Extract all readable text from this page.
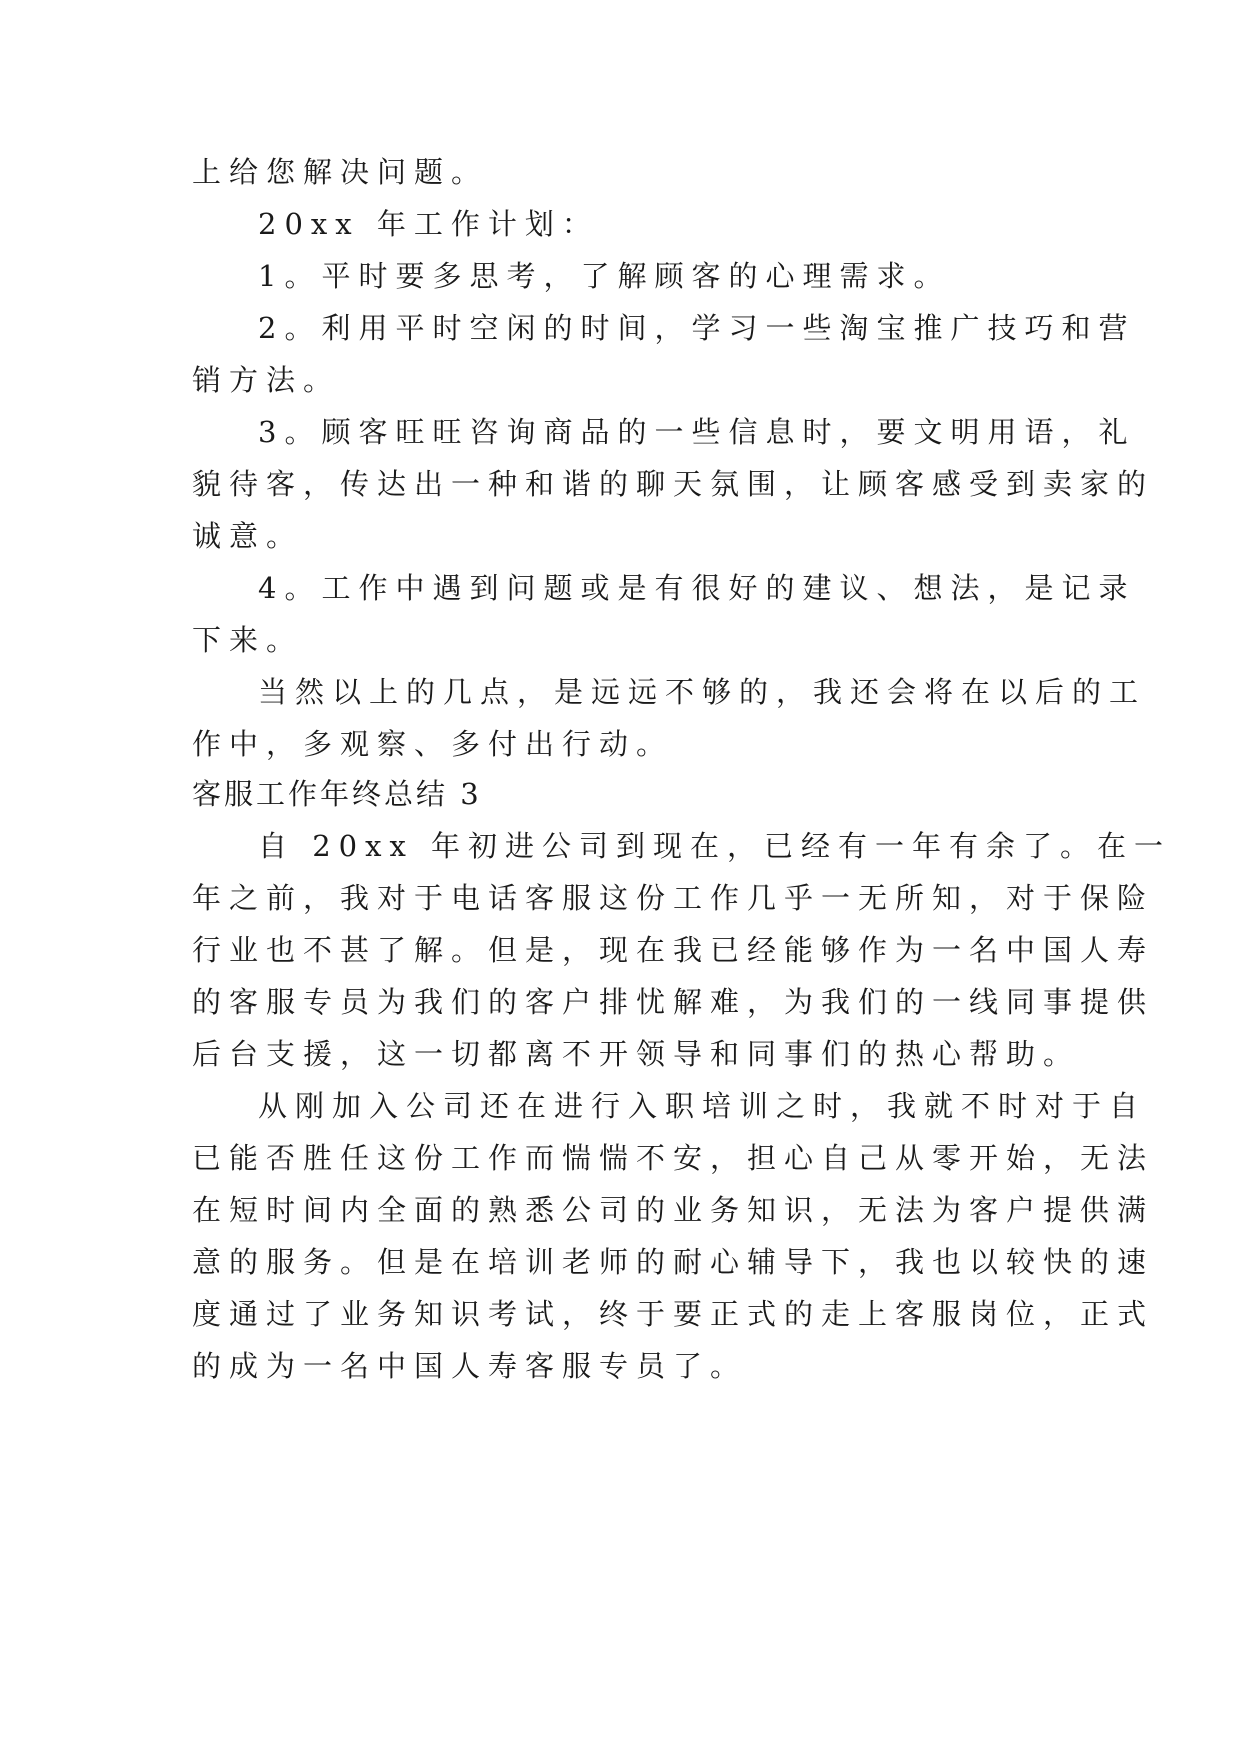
上给您解决问题。
20xx 年工作计划：
1。平时要多思考，了解顾客的心理需求。
2。利用平时空闲的时间，学习一些淘宝推广技巧和营
销方法。
3。顾客旺旺咨询商品的一些信息时，要文明用语，礼
貌待客，传达出一种和谐的聊天氛围，让顾客感受到卖家的
诚意。
4。工作中遇到问题或是有很好的建议、想法，是记录
下来。
当然以上的几点，是远远不够的，我还会将在以后的工
作中，多观察、多付出行动。
客服工作年终总结 3
自 20xx 年初进公司到现在，已经有一年有余了。在一
年之前，我对于电话客服这份工作几乎一无所知，对于保险
行业也不甚了解。但是，现在我已经能够作为一名中国人寿
的客服专员为我们的客户排忧解难，为我们的一线同事提供
后台支援，这一切都离不开领导和同事们的热心帮助。
从刚加入公司还在进行入职培训之时，我就不时对于自
已能否胜任这份工作而惴惴不安，担心自己从零开始，无法
在短时间内全面的熟悉公司的业务知识，无法为客户提供满
意的服务。但是在培训老师的耐心辅导下，我也以较快的速
度通过了业务知识考试，终于要正式的走上客服岗位，正式
的成为一名中国人寿客服专员了。
